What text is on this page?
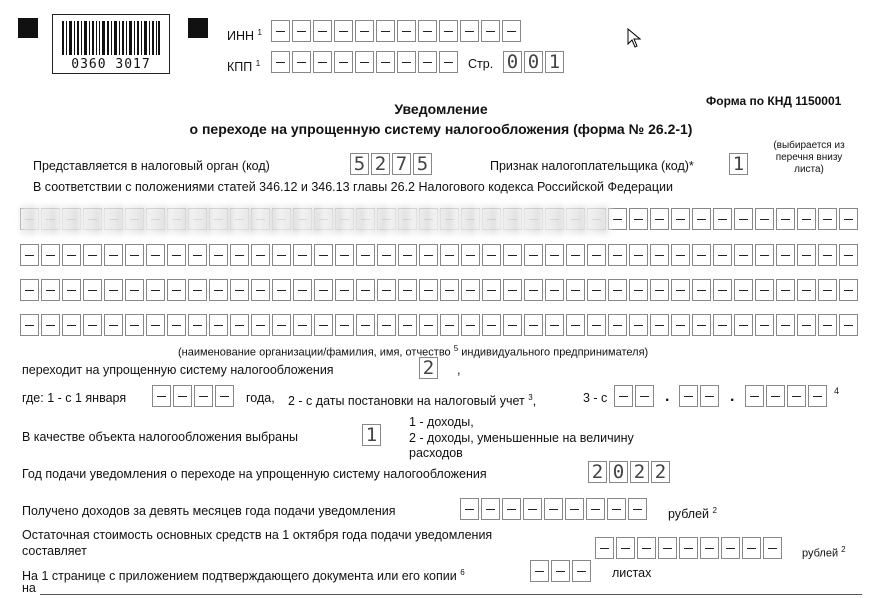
0360 3017
ИНН $^1$
КПП $^1$	Стр. 0 0 1
Форма по КНД 1150001
Уведомление
о переходе на упрощенную систему налогообложения (форма № 26.2-1)
Представляется в налоговый орган (код)	5 2 7 5	Признак налогоплательщика (код)* 1
(выбирается из
перечня внизу
листа)
В соответствии с положениями статей 346.12 и 346.13 главы 26.2 Налогового кодекса Российской Федерации
(наименование организации/фамилия, имя, отчество $^5$ индивидуального предпринимателя)
переходит на упрощенную систему налогообложения	2	,
где: 1 - с 1 января	года, 2 - с даты постановки на налоговый учет $^3$,	3 - с	.	.	4
В качестве объекта налогообложения выбраны	1
1 - доходы,
2 - доходы, уменьшенные на величину
расходов
Год подачи уведомления о переходе на упрощенную систему налогообложения	2 0 2 2
Получено доходов за девять месяцев года подачи уведомления	рублей $^2$
Остаточная стоимость основных средств на 1 октября года подачи уведомления
составляет	рублей $^2$
На 1 странице с приложением подтверждающего документа или его копии $^6$
на
листах
